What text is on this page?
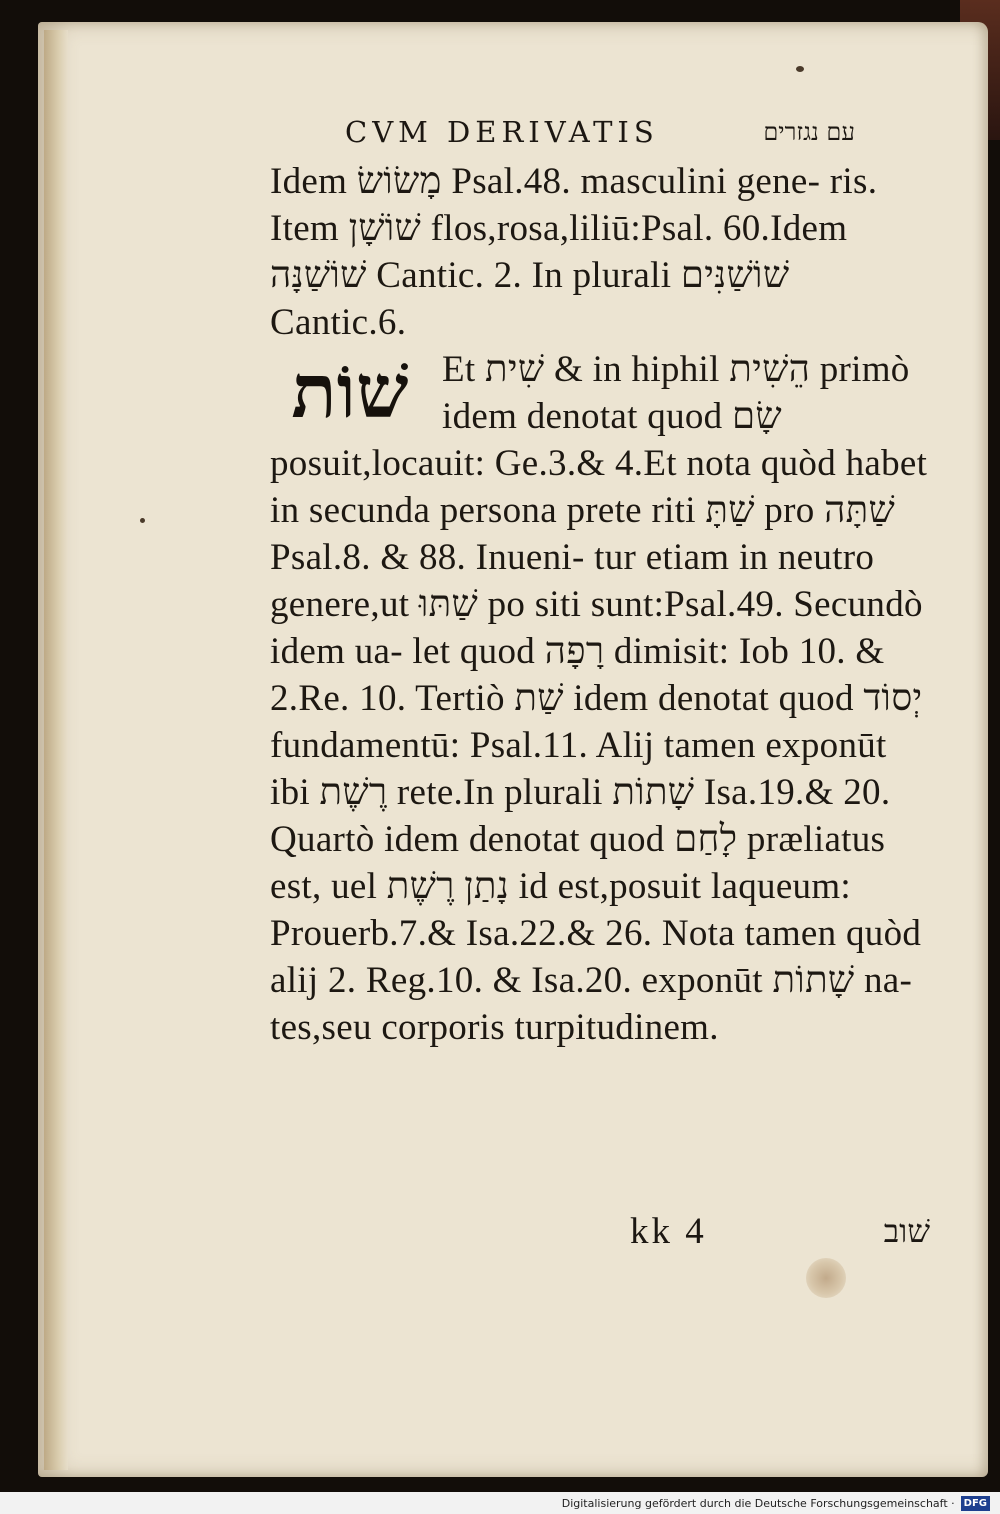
CVM DERIVATIS	עם נגזרים

Idem מָשׂוֹשׂ Psal.48. masculini gene- ris. Item שׁוֹשָׁן flos,rosa,liliū:Psal. 60.Idem שׁוֹשַׁנָּה Cantic. 2. In plurali שׁוֹשַׁנִּים Cantic.6.

שׁוֹת Et שִׁית & in hiphil הֵשִׁית primò idem denotat quod שָׂם posuit,locauit: Ge.3.& 4.Et nota quòd habet in secunda persona prete riti שַׁתָּ pro שַׁתָּה Psal.8. & 88. Inueni- tur etiam in neutro genere,ut שַׁתּוּ po siti sunt:Psal.49. Secundò idem ua- let quod רָפָה dimisit: Iob 10. & 2.Re. 10. Tertiò שַׁת idem denotat quod יְסוֹד fundamentū: Psal.11. Alij tamen exponūt ibi רֶשֶׁת rete.In plurali שָׁתוֹת Isa.19.& 20. Quartò idem denotat quod לָחַם præliatus est, uel נָתַן רֶשֶׁת id est,posuit laqueum: Prouerb.7.& Isa.22.& 26. Nota tamen quòd alij 2. Reg.10. & Isa.20. exponūt שָׁתוֹת na- tes,seu corporis turpitudinem.

kk 4	שׁוב
Digitalisierung gefördert durch die Deutsche Forschungsgemeinschaft · DFG
